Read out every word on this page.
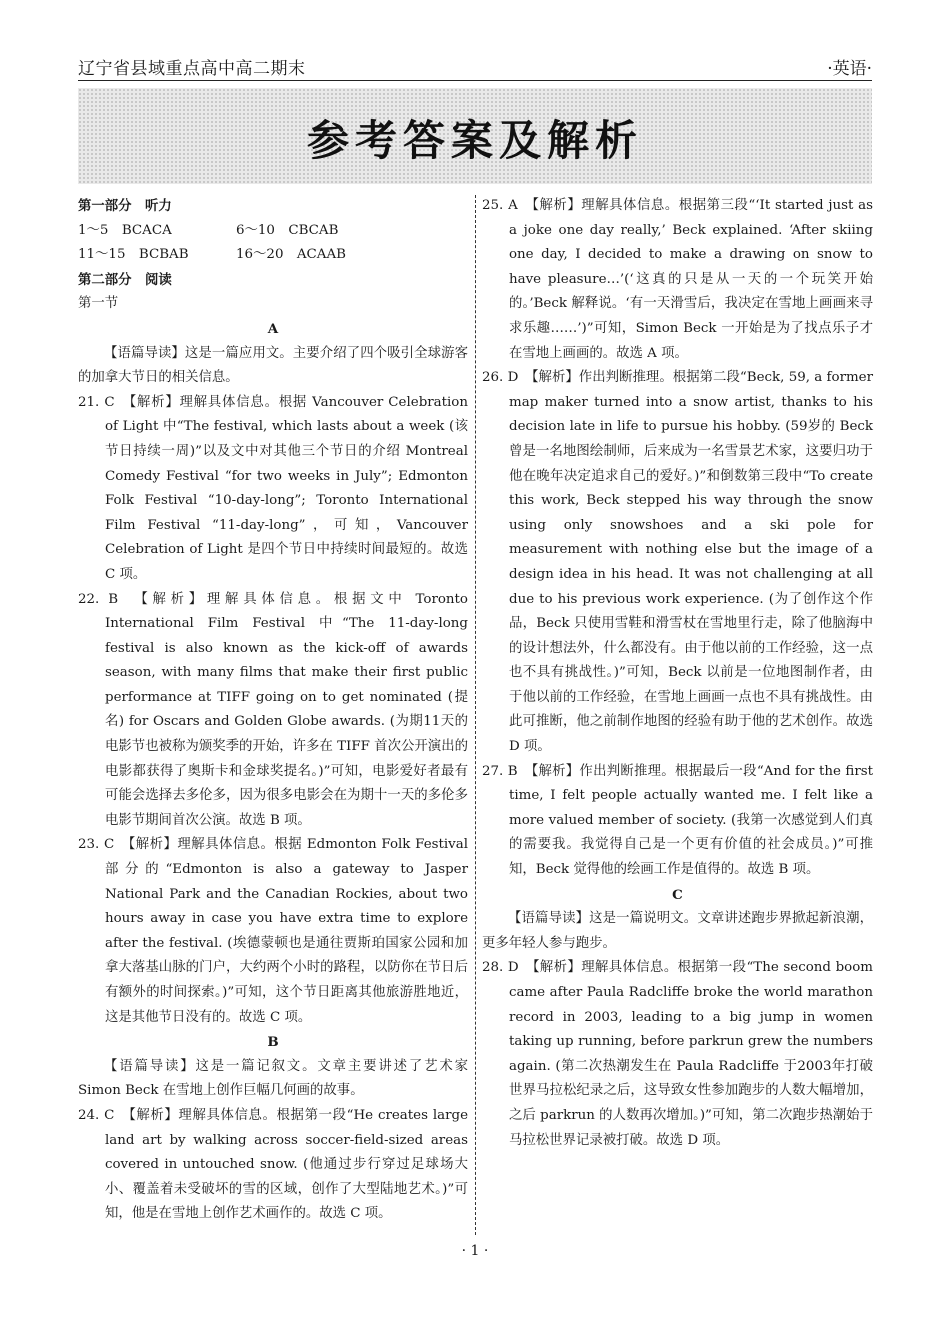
辽宁省县域重点高中高二期末	·英语·
参考答案及解析

第一部分　听力

1～5　BCACA	6～10　CBCAB

11～15　BCBAB	16～20　ACAAB

第二部分　阅读

第一节

A

【语篇导读】这是一篇应用文。主要介绍了四个吸引全球游客的加拿大节日的相关信息。

21. C　【解析】理解具体信息。根据 Vancouver Celebration of Light 中“The festival, which lasts about a week (该节日持续一周)”以及文中对其他三个节日的介绍 Montreal Comedy Festival “for two weeks in July”; Edmonton Folk Festival “10-day-long”; Toronto International Film Festival “11-day-long”，可知，Vancouver Celebration of Light 是四个节日中持续时间最短的。故选 C 项。

22. B　【解析】理解具体信息。根据文中 Toronto International Film Festival 中“The 11-day-long festival is also known as the kick-off of awards season, with many films that make their first public performance at TIFF going on to get nominated (提名) for Oscars and Golden Globe awards. (为期11天的电影节也被称为颁奖季的开始，许多在 TIFF 首次公开演出的电影都获得了奥斯卡和金球奖提名。)”可知，电影爱好者最有可能会选择去多伦多，因为很多电影会在为期十一天的多伦多电影节期间首次公演。故选 B 项。

23. C　【解析】理解具体信息。根据 Edmonton Folk Festival 部分的“Edmonton is also a gateway to Jasper National Park and the Canadian Rockies, about two hours away in case you have extra time to explore after the festival. (埃德蒙顿也是通往贾斯珀国家公园和加拿大落基山脉的门户，大约两个小时的路程，以防你在节日后有额外的时间探索。)”可知，这个节日距离其他旅游胜地近，这是其他节日没有的。故选 C 项。

B

【语篇导读】这是一篇记叙文。文章主要讲述了艺术家 Simon Beck 在雪地上创作巨幅几何画的故事。

24. C　【解析】理解具体信息。根据第一段“He creates large land art by walking across soccer-field-sized areas covered in untouched snow. (他通过步行穿过足球场大小、覆盖着未受破坏的雪的区域，创作了大型陆地艺术。)”可知，他是在雪地上创作艺术画作的。故选 C 项。

25. A　【解析】理解具体信息。根据第三段“‘It started just as a joke one day really,’ Beck explained. ‘After skiing one day, I decided to make a drawing on snow to have pleasure…’(‘这真的只是从一天的一个玩笑开始的。’Beck 解释说。‘有一天滑雪后，我决定在雪地上画画来寻求乐趣……’)”可知，Simon Beck 一开始是为了找点乐子才在雪地上画画的。故选 A 项。

26. D　【解析】作出判断推理。根据第二段“Beck, 59, a former map maker turned into a snow artist, thanks to his decision late in life to pursue his hobby. (59岁的 Beck 曾是一名地图绘制师，后来成为一名雪景艺术家，这要归功于他在晚年决定追求自己的爱好。)”和倒数第三段中“To create this work, Beck stepped his way through the snow using only snowshoes and a ski pole for measurement with nothing else but the image of a design idea in his head. It was not challenging at all due to his previous work experience. (为了创作这个作品，Beck 只使用雪鞋和滑雪杖在雪地里行走，除了他脑海中的设计想法外，什么都没有。由于他以前的工作经验，这一点也不具有挑战性。)”可知，Beck 以前是一位地图制作者，由于他以前的工作经验，在雪地上画画一点也不具有挑战性。由此可推断，他之前制作地图的经验有助于他的艺术创作。故选 D 项。

27. B　【解析】作出判断推理。根据最后一段“And for the first time, I felt people actually wanted me. I felt like a more valued member of society. (我第一次感觉到人们真的需要我。我觉得自己是一个更有价值的社会成员。)”可推知，Beck 觉得他的绘画工作是值得的。故选 B 项。

C

【语篇导读】这是一篇说明文。文章讲述跑步界掀起新浪潮，更多年轻人参与跑步。

28. D　【解析】理解具体信息。根据第一段“The second boom came after Paula Radcliffe broke the world marathon record in 2003, leading to a big jump in women taking up running, before parkrun grew the numbers again. (第二次热潮发生在 Paula Radcliffe 于2003年打破世界马拉松纪录之后，这导致女性参加跑步的人数大幅增加，之后 parkrun 的人数再次增加。)”可知，第二次跑步热潮始于马拉松世界记录被打破。故选 D 项。

· 1 ·
